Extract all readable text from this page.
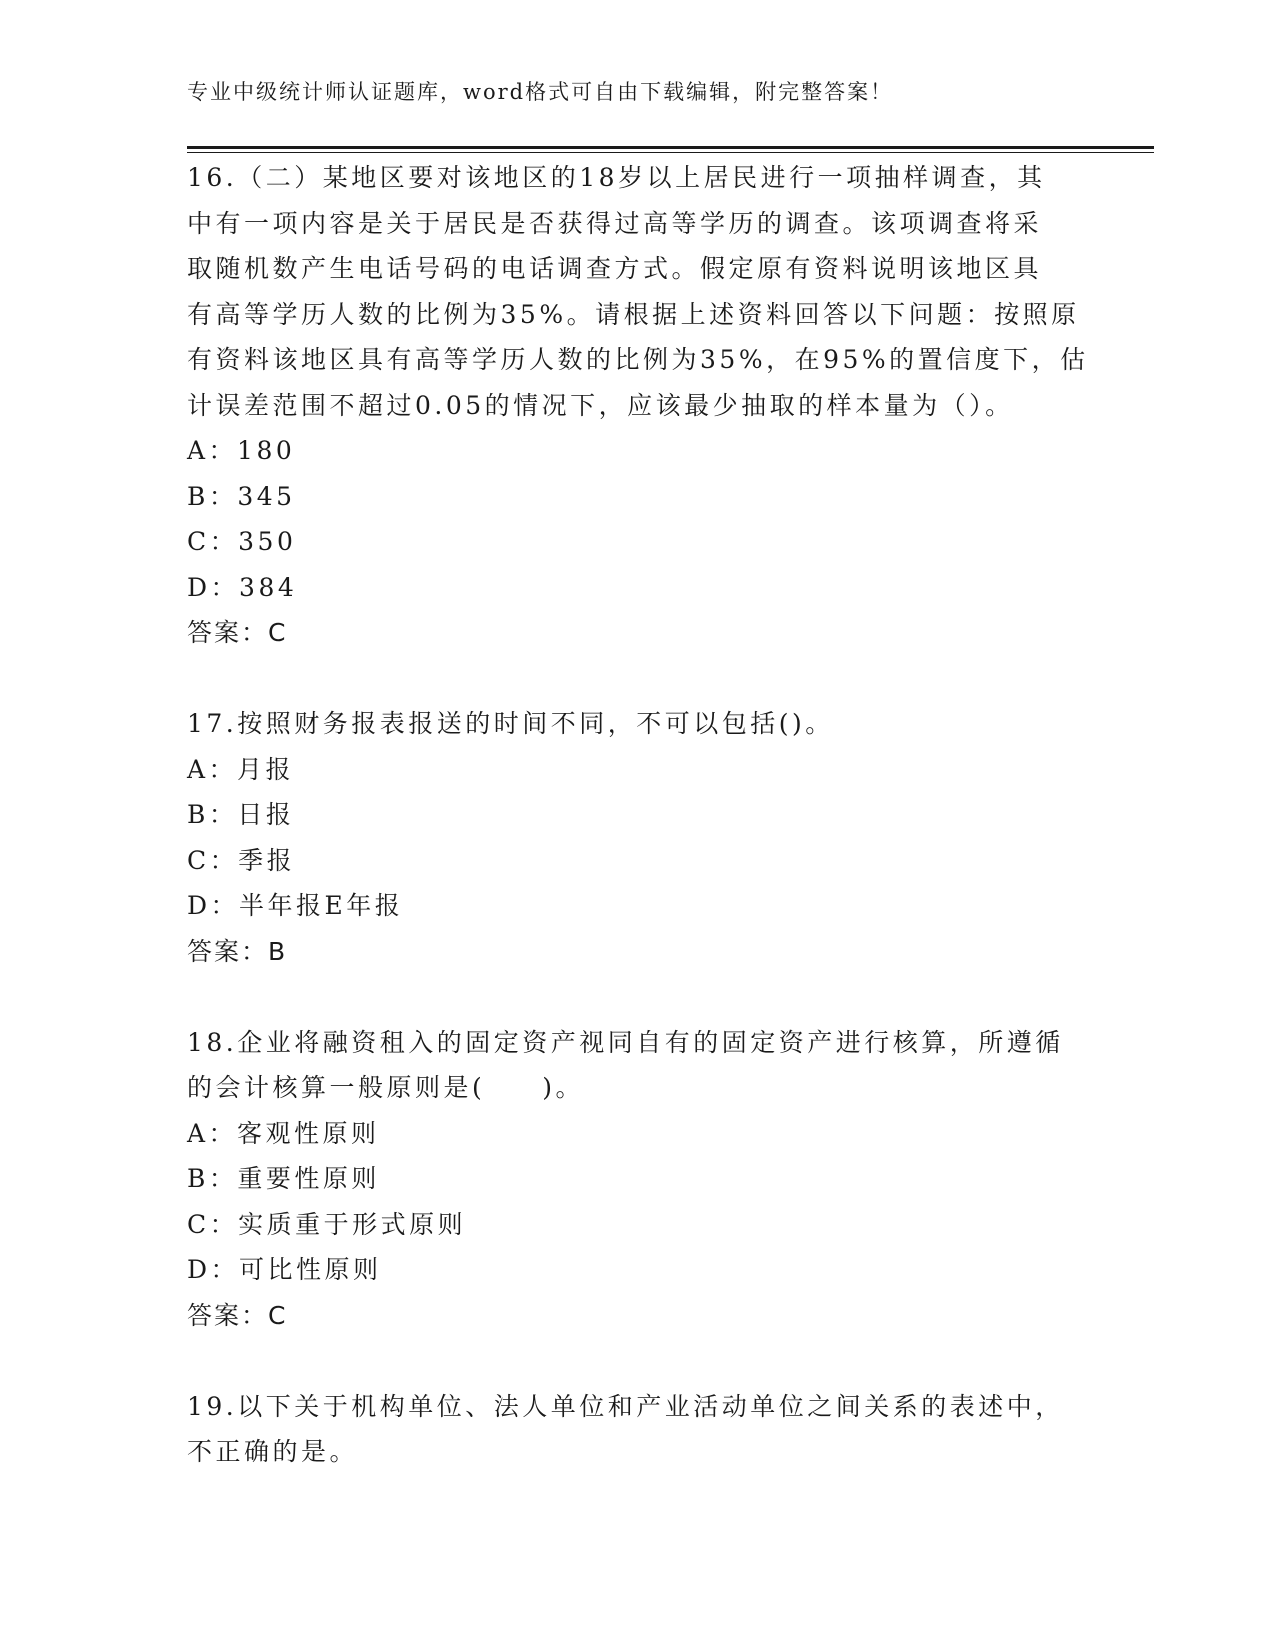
专业中级统计师认证题库，word格式可自由下载编辑，附完整答案！
16.（二）某地区要对该地区的18岁以上居民进行一项抽样调查，其
中有一项内容是关于居民是否获得过高等学历的调查。该项调查将采
取随机数产生电话号码的电话调查方式。假定原有资料说明该地区具
有高等学历人数的比例为35%。请根据上述资料回答以下问题：按照原
有资料该地区具有高等学历人数的比例为35%，在95%的置信度下，估
计误差范围不超过0.05的情况下，应该最少抽取的样本量为（）。
A：180
B：345
C：350
D：384
答案：C
17.按照财务报表报送的时间不同，不可以包括()。
A：月报
B：日报
C：季报
D：半年报E年报
答案：B
18.企业将融资租入的固定资产视同自有的固定资产进行核算，所遵循
的会计核算一般原则是(　　)。
A：客观性原则
B：重要性原则
C：实质重于形式原则
D：可比性原则
答案：C
19.以下关于机构单位、法人单位和产业活动单位之间关系的表述中，
不正确的是。
